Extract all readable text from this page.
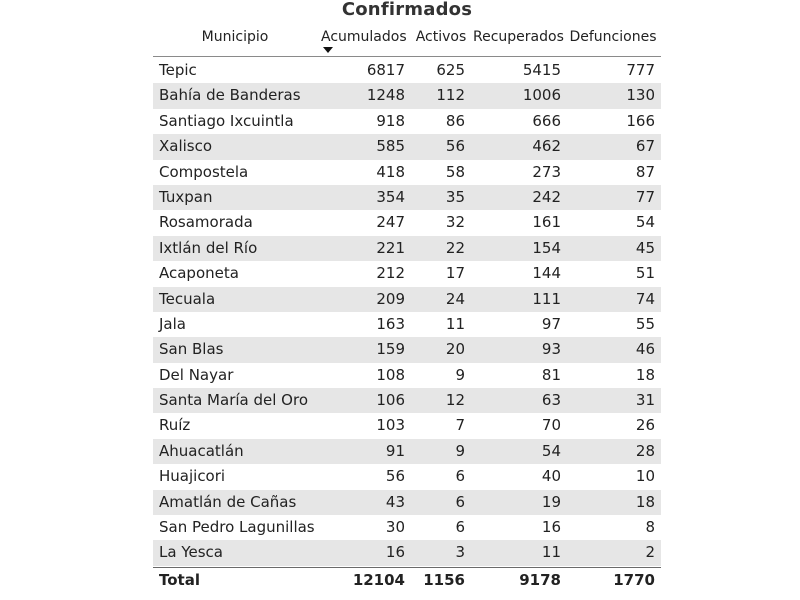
Confirmados
Municipio	Acumulados Activos Recuperados Defunciones
Tepic	6817	625	5415	777
Bahía de Banderas	1248	112	1006	130
Santiago Ixcuintla	918	86	666	166
Xalisco	585	56	462	67
Compostela	418	58	273	87
Tuxpan	354	35	242	77
Rosamorada	247	32	161	54
Ixtlán del Río	221	22	154	45
Acaponeta	212	17	144	51
Tecuala	209	24	111	74
Jala	163	11	97	55
San Blas	159	20	93	46
Del Nayar	108	9	81	18
Santa María del Oro	106	12	63	31
Ruíz	103	7	70	26
Ahuacatlán	91	9	54	28
Huajicori	56	6	40	10
Amatlán de Cañas	43	6	19	18
San Pedro Lagunillas	30	6	16	8
La Yesca	16	3	11	2
Total	12104	1156	9178	1770
